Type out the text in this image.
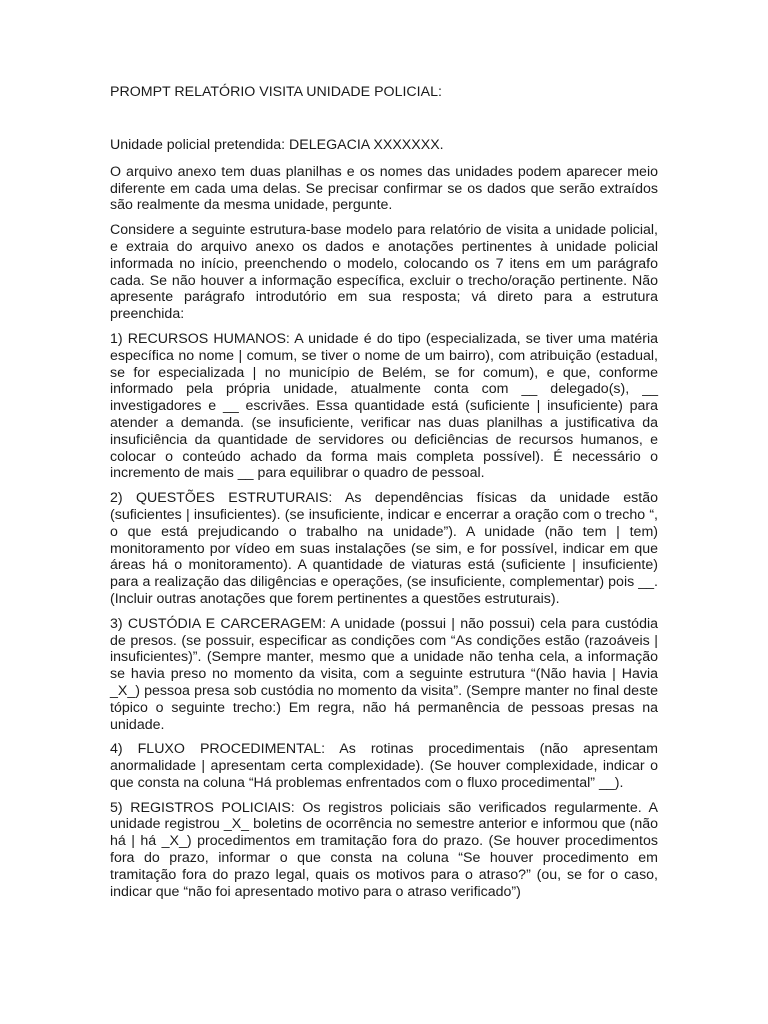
PROMPT RELATÓRIO VISITA UNIDADE POLICIAL:

Unidade policial pretendida: DELEGACIA XXXXXXX.

O arquivo anexo tem duas planilhas e os nomes das unidades podem aparecer meio diferente em cada uma delas. Se precisar confirmar se os dados que serão extraídos são realmente da mesma unidade, pergunte.

Considere a seguinte estrutura-base modelo para relatório de visita a unidade policial, e extraia do arquivo anexo os dados e anotações pertinentes à unidade policial informada no início, preenchendo o modelo, colocando os 7 itens em um parágrafo cada. Se não houver a informação específica, excluir o trecho/oração pertinente. Não apresente parágrafo introdutório em sua resposta; vá direto para a estrutura preenchida:

1) RECURSOS HUMANOS: A unidade é do tipo (especializada, se tiver uma matéria específica no nome | comum, se tiver o nome de um bairro), com atribuição (estadual, se for especializada | no município de Belém, se for comum), e que, conforme informado pela própria unidade, atualmente conta com __ delegado(s), __ investigadores e __ escrivães. Essa quantidade está (suficiente | insuficiente) para atender a demanda. (se insuficiente, verificar nas duas planilhas a justificativa da insuficiência da quantidade de servidores ou deficiências de recursos humanos, e colocar o conteúdo achado da forma mais completa possível). É necessário o incremento de mais __ para equilibrar o quadro de pessoal.

2) QUESTÕES ESTRUTURAIS: As dependências físicas da unidade estão (suficientes | insuficientes). (se insuficiente, indicar e encerrar a oração com o trecho “, o que está prejudicando o trabalho na unidade”). A unidade (não tem | tem) monitoramento por vídeo em suas instalações (se sim, e for possível, indicar em que áreas há o monitoramento). A quantidade de viaturas está (suficiente | insuficiente) para a realização das diligências e operações, (se insuficiente, complementar) pois __. (Incluir outras anotações que forem pertinentes a questões estruturais).

3) CUSTÓDIA E CARCERAGEM: A unidade (possui | não possui) cela para custódia de presos. (se possuir, especificar as condições com “As condições estão (razoáveis | insuficientes)”. (Sempre manter, mesmo que a unidade não tenha cela, a informação se havia preso no momento da visita, com a seguinte estrutura “(Não havia | Havia _X_) pessoa presa sob custódia no momento da visita”. (Sempre manter no final deste tópico o seguinte trecho:) Em regra, não há permanência de pessoas presas na unidade.

4) FLUXO PROCEDIMENTAL: As rotinas procedimentais (não apresentam anormalidade | apresentam certa complexidade). (Se houver complexidade, indicar o que consta na coluna “Há problemas enfrentados com o fluxo procedimental” __).

5) REGISTROS POLICIAIS: Os registros policiais são verificados regularmente. A unidade registrou _X_ boletins de ocorrência no semestre anterior e informou que (não há | há _X_) procedimentos em tramitação fora do prazo. (Se houver procedimentos fora do prazo, informar o que consta na coluna “Se houver procedimento em tramitação fora do prazo legal, quais os motivos para o atraso?” (ou, se for o caso, indicar que “não foi apresentado motivo para o atraso verificado”)
